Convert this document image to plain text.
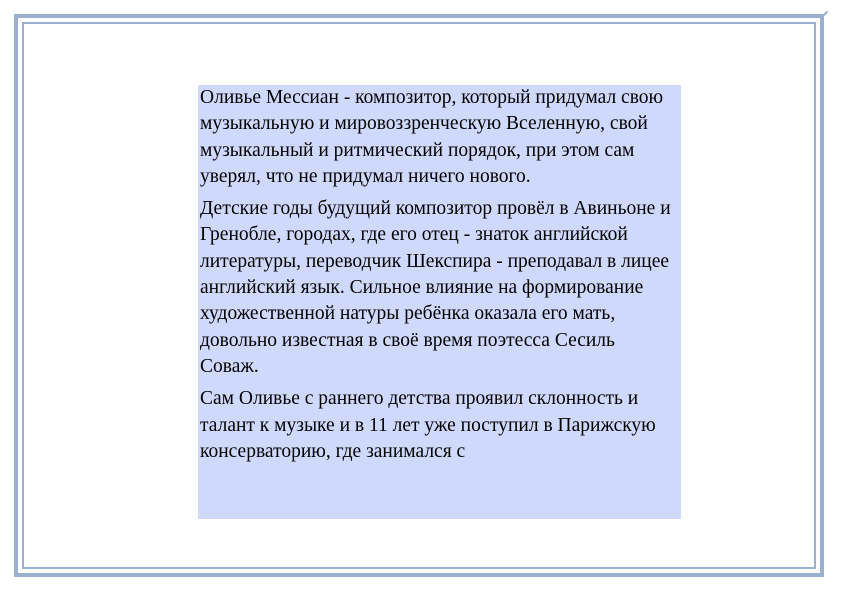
Оливье Мессиан - композитор, который придумал свою музыкальную и мировоззренческую Вселенную, свой музыкальный и ритмический порядок, при этом сам уверял, что не придумал ничего нового.

Детские годы будущий композитор провёл в Авиньоне и Гренобле, городах, где его отец - знаток английской литературы, переводчик Шекспира - преподавал в лицее английский язык. Сильное влияние на формирование художественной натуры ребёнка оказала его мать, довольно известная в своё время поэтесса Сесиль Соваж.

Сам Оливье с раннего детства проявил склонность и талант к музыке и в 11 лет уже поступил в Парижскую консерваторию, где занимался с
